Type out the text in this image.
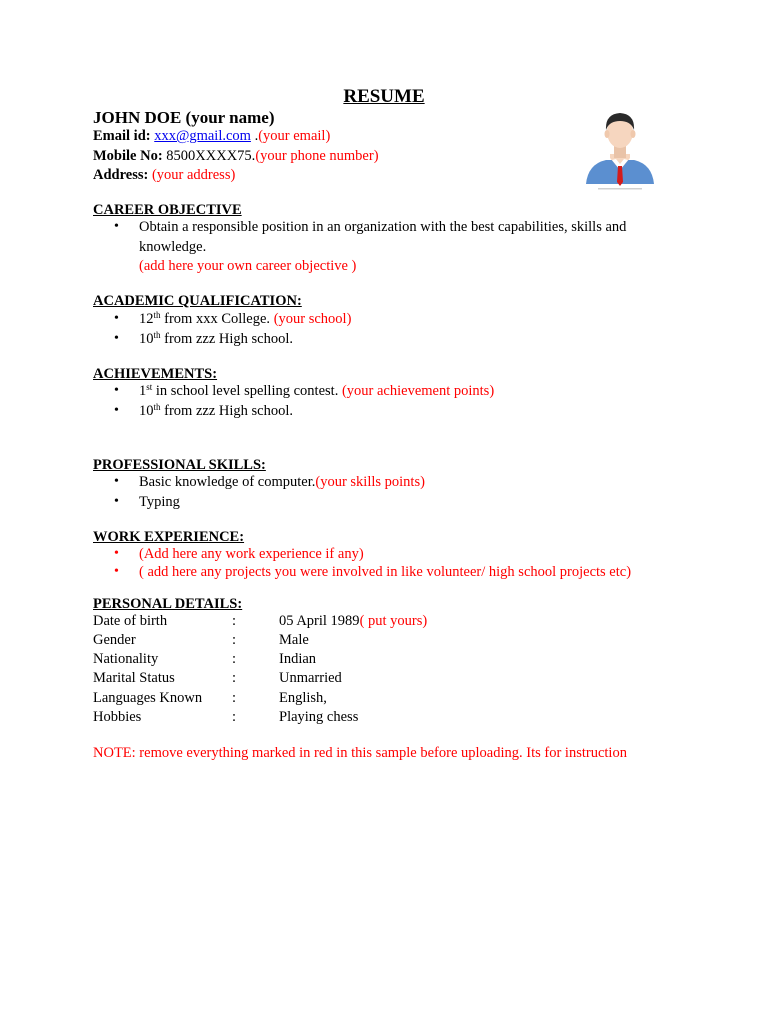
RESUME
JOHN DOE (your name)
Email id: xxx@gmail.com .(your email)
Mobile No: 8500XXXX75.(your phone number)
Address: (your address)
CAREER OBJECTIVE
• Obtain a responsible position in an organization with the best capabilities, skills and
knowledge.
(add here your own career objective )
ACADEMIC QUALIFICATION:
• 12th from xxx College. (your school)
• 10th from zzz High school.
ACHIEVEMENTS:
• 1st in school level spelling contest. (your achievement points)
• 10th from zzz High school.
PROFESSIONAL SKILLS:
• Basic knowledge of computer.(your skills points)
• Typing
WORK EXPERIENCE:
• (Add here any work experience if any)
• ( add here any projects you were involved in like volunteer/ high school projects etc)
PERSONAL DETAILS:
Date of birth	:	05 April 1989( put yours)
Gender	:	Male
Nationality	:	Indian
Marital Status	:	Unmarried
Languages Known :	English,
Hobbies	:	Playing chess
NOTE: remove everything marked in red in this sample before uploading. Its for instruction
